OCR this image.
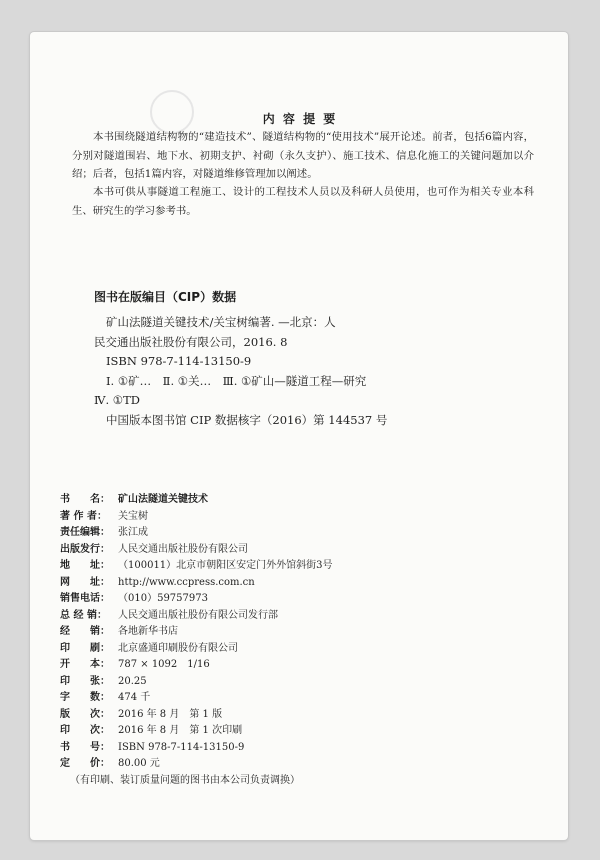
内 容 提 要
本书围绕隧道结构物的“建造技术”、隧道结构物的“使用技术”展开论述。前者，包括6篇内容，分别对隧道围岩、地下水、初期支护、衬砌（永久支护）、施工技术、信息化施工的关键问题加以介绍；后者，包括1篇内容，对隧道维修管理加以阐述。
本书可供从事隧道工程施工、设计的工程技术人员以及科研人员使用，也可作为相关专业本科生、研究生的学习参考书。
图书在版编目（CIP）数据
矿山法隧道关键技术/关宝树编著. —北京：人
民交通出版社股份有限公司，2016. 8
ISBN 978-7-114-13150-9
Ⅰ. ①矿…　Ⅱ. ①关…　Ⅲ. ①矿山—隧道工程—研究
Ⅳ. ①TD
中国版本图书馆 CIP 数据核字（2016）第 144537 号
书　　名： 矿山法隧道关键技术
著 作 者：	关宝树
责任编辑： 张江成
出版发行： 人民交通出版社股份有限公司
地　　址： （100011）北京市朝阳区安定门外外馆斜街3号
网　　址： http://www.ccpress.com.cn
销售电话： （010）59757973
总 经 销：	人民交通出版社股份有限公司发行部
经　　销： 各地新华书店
印　　刷： 北京盛通印刷股份有限公司
开　　本： 787 × 1092　1/16
印　　张： 20.25
字　　数： 474 千
版　　次： 2016 年 8 月　第 1 版
印　　次： 2016 年 8 月　第 1 次印刷
书　　号： ISBN 978-7-114-13150-9
定　　价： 80.00 元
（有印刷、装订质量问题的图书由本公司负责调换）
